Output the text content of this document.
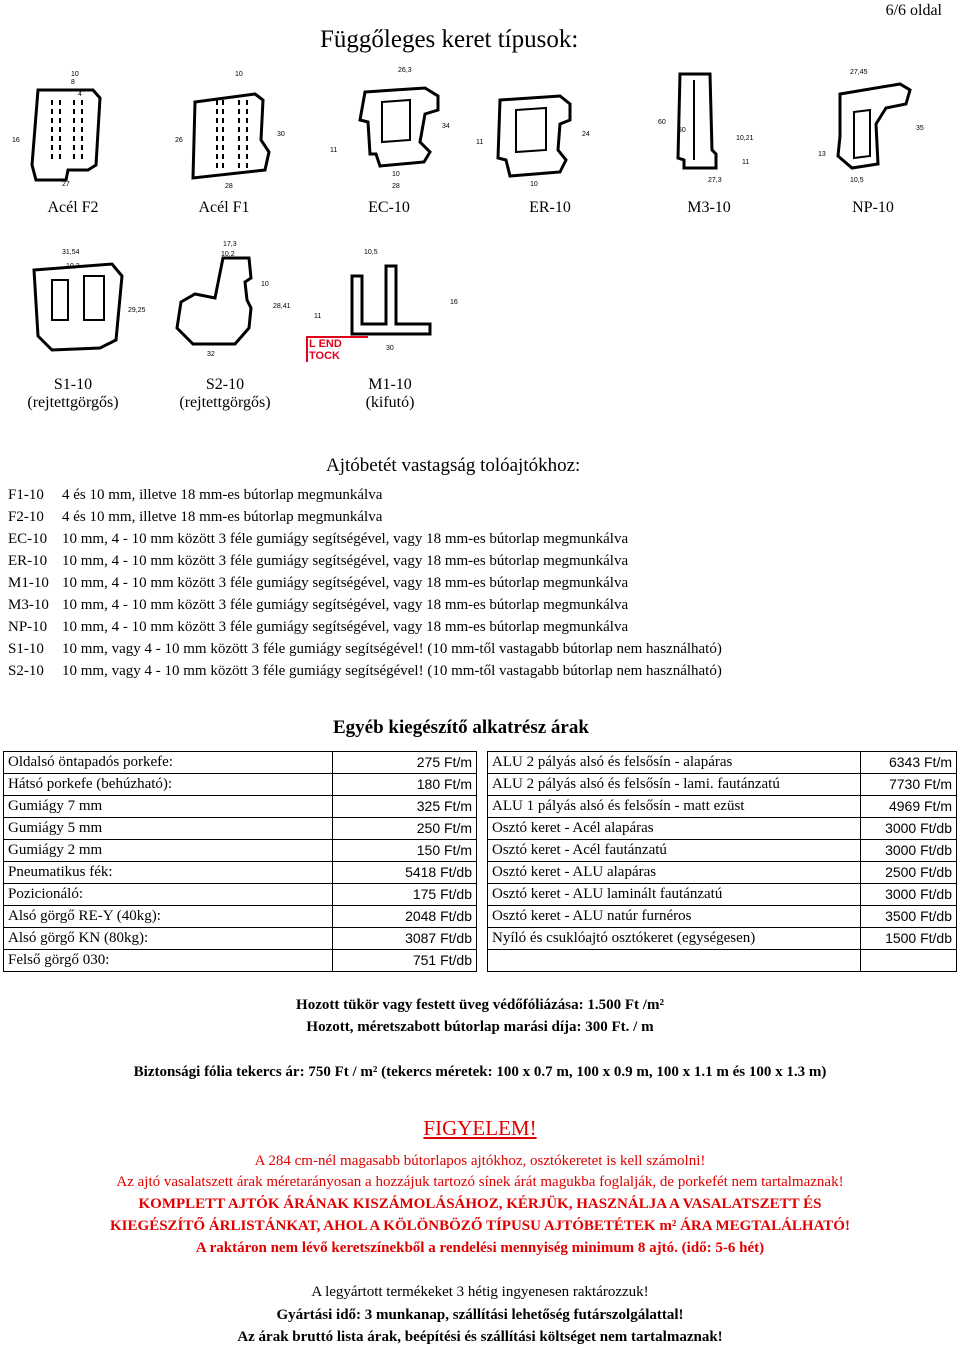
6/6 oldal
Függőleges keret típusok:
10
8
4
16
27
10
26
30
28
26,3
34
11
10
28
24
11
10
60
50
10,21
11
27,3
27,45
35
13
10,5
Acél F2	Acél F1	EC-10	ER-10	M3-10	NP-10
31,54
10,2
29,25
17,3
10,2
10
28,41
32
10,5
11
16
30
L END
TOCK
S1-10
(rejtettgörgős)
S2-10
(rejtettgörgős)
M1-10
(kifutó)
Ajtóbetét vastagság tolóajtókhoz:
F1-10 4 és 10 mm, illetve 18 mm-es bútorlap megmunkálva
F2-10 4 és 10 mm, illetve 18 mm-es bútorlap megmunkálva
EC-10 10 mm, 4 - 10 mm között 3 féle gumiágy segítségével, vagy 18 mm-es bútorlap megmunkálva
ER-10 10 mm, 4 - 10 mm között 3 féle gumiágy segítségével, vagy 18 mm-es bútorlap megmunkálva
M1-10 10 mm, 4 - 10 mm között 3 féle gumiágy segítségével, vagy 18 mm-es bútorlap megmunkálva
M3-10 10 mm, 4 - 10 mm között 3 féle gumiágy segítségével, vagy 18 mm-es bútorlap megmunkálva
NP-10 10 mm, 4 - 10 mm között 3 féle gumiágy segítségével, vagy 18 mm-es bútorlap megmunkálva
S1-10 10 mm, vagy 4 - 10 mm között 3 féle gumiágy segítségével! (10 mm-től vastagabb bútorlap nem használható)
S2-10 10 mm, vagy 4 - 10 mm között 3 féle gumiágy segítségével! (10 mm-től vastagabb bútorlap nem használható)
Egyéb kiegészítő alkatrész árak
Oldalsó öntapadós porkefe:	275 Ft/m
Hátsó porkefe (behúzható):	180 Ft/m
Gumiágy 7 mm	325 Ft/m
Gumiágy 5 mm	250 Ft/m
Gumiágy 2 mm	150 Ft/m
Pneumatikus fék:	5418 Ft/db
Pozicionáló:	175 Ft/db
Alsó görgő RE-Y (40kg):	2048 Ft/db
Alsó görgő KN (80kg):	3087 Ft/db
Felső görgő 030:	751 Ft/db
ALU 2 pályás alsó és felsősín - alapáras	6343 Ft/m
ALU 2 pályás alsó és felsősín - lami. fautánzatú	7730 Ft/m
ALU 1 pályás alsó és felsősín - matt ezüst	4969 Ft/m
Osztó keret - Acél alapáras	3000 Ft/db
Osztó keret - Acél fautánzatú	3000 Ft/db
Osztó keret - ALU alapáras	2500 Ft/db
Osztó keret - ALU laminált fautánzatú	3000 Ft/db
Osztó keret - ALU natúr furnéros	3500 Ft/db
Nyíló és csuklóajtó osztókeret (egységesen)	1500 Ft/db

Hozott tükör vagy festett üveg védőfóliázása: 1.500 Ft /m²
Hozott, méretszabott bútorlap marási díja: 300 Ft. / m
Biztonsági fólia tekercs ár: 750 Ft / m² (tekercs méretek: 100 x 0.7 m, 100 x 0.9 m, 100 x 1.1 m és 100 x 1.3 m)
FIGYELEM!
A 284 cm-nél magasabb bútorlapos ajtókhoz, osztókeretet is kell számolni!
Az ajtó vasalatszett árak méretarányosan a hozzájuk tartozó sínek árát magukba foglalják, de porkefét nem tartalmaznak!
KOMPLETT AJTÓK ÁRÁNAK KISZÁMOLÁSÁHOZ, KÉRJÜK, HASZNÁLJA A VASALATSZETT ÉS
KIEGÉSZÍTŐ ÁRLISTÁNKAT, AHOL A KÖLÖNBÖZŐ TÍPUSU AJTÓBETÉTEK m² ÁRA MEGTALÁLHATÓ!
A raktáron nem lévő keretszínekből a rendelési mennyiség minimum 8 ajtó. (idő: 5-6 hét)
A legyártott termékeket 3 hétig ingyenesen raktározzuk!
Gyártási idő: 3 munkanap, szállítási lehetőség futárszolgálattal!
Az árak bruttó lista árak, beépítési és szállítási költséget nem tartalmaznak!
